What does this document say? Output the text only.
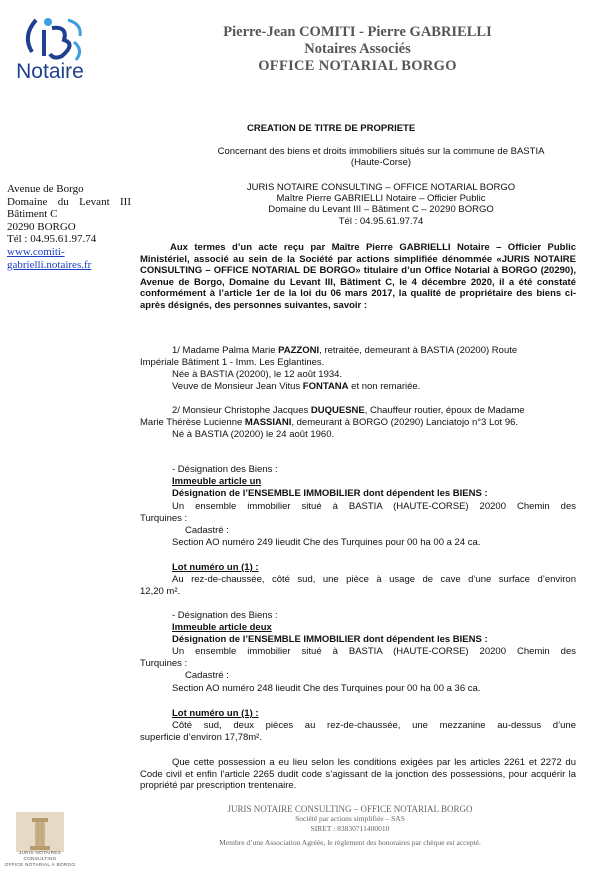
Notaire
Pierre-Jean COMITI - Pierre GABRIELLI
Notaires Associés
OFFICE NOTARIAL BORGO
Avenue de Borgo
Domaine du Levant III
Bâtiment C
20290 BORGO
Tél : 04.95.61.97.74
www.comiti-
gabrielli.notaires.fr
CREATION DE TITRE DE PROPRIETE
Concernant des biens et droits immobiliers situés sur la commune de BASTIA
(Haute-Corse)
JURIS NOTAIRE CONSULTING – OFFICE NOTARIAL BORGO
Maître Pierre GABRIELLI Notaire – Officier Public
Domaine du Levant III – Bâtiment C – 20290 BORGO
Tél : 04.95.61.97.74
Aux termes d’un acte reçu par Maître Pierre GABRIELLI Notaire – Officier Public Ministériel, associé au sein de la Société par actions simplifiée dénommée «JURIS NOTAIRE CONSULTING – OFFICE NOTARIAL DE BORGO» titulaire d’un Office Notarial à BORGO (20290), Avenue de Borgo, Domaine du Levant III, Bâtiment C, le 4 décembre 2020, il a été constaté conformément à l’article 1er de la loi du 06 mars 2017, la qualité de propriétaire des biens ci-après désignés, des personnes suivantes, savoir :
1/ Madame Palma Marie PAZZONI, retraitée, demeurant à BASTIA (20200) Route
Impériale Bâtiment 1 - Imm. Les Eglantines.
Née à BASTIA (20200), le 12 août 1934.
Veuve de Monsieur Jean Vitus FONTANA et non remariée.
2/ Monsieur Christophe Jacques DUQUESNE, Chauffeur routier, époux de Madame
Marie Thérèse Lucienne MASSIANI, demeurant à BORGO (20290) Lanciatojo n°3 Lot 96.
Né à BASTIA (20200) le 24 août 1960.
- Désignation des Biens :
Immeuble article un
Désignation de l’ENSEMBLE IMMOBILIER dont dépendent les BIENS :
Un ensemble immobilier situé à BASTIA (HAUTE-CORSE) 20200 Chemin des
Turquines :
Cadastré :
Section AO numéro 249 lieudit Che des Turquines pour 00 ha 00 a 24 ca.
Lot numéro un (1) :
Au rez-de-chaussée, côté sud, une pièce à usage de cave d’une surface d’environ
12,20 m².
- Désignation des Biens :
Immeuble article deux
Désignation de l’ENSEMBLE IMMOBILIER dont dépendent les BIENS :
Un ensemble immobilier situé à BASTIA (HAUTE-CORSE) 20200 Chemin des
Turquines :
Cadastré :
Section AO numéro 248 lieudit Che des Turquines pour 00 ha 00 a 36 ca.
Lot numéro un (1) :
Côté sud, deux pièces au rez-de-chaussée, une mezzanine au-dessus d’une
superficie d’environ 17,78m².
Que cette possession a eu lieu selon les conditions exigées par les articles 2261 et 2272 du Code civil et enfin l’article 2265 dudit code s’agissant de la jonction des possessions, pour acquérir la propriété par prescription trentenaire.
JURIS NOTAIRE CONSULTING – OFFICE NOTARIAL BORGO
Société par actions simplifiée – SAS
SIRET : 83830711400010
Membre d’une Association Agréée, le règlement des honoraires par chèque est accepté.
JURIS NOTAIRES CONSULTING
OFFICE NOTARIAL À BORGO
